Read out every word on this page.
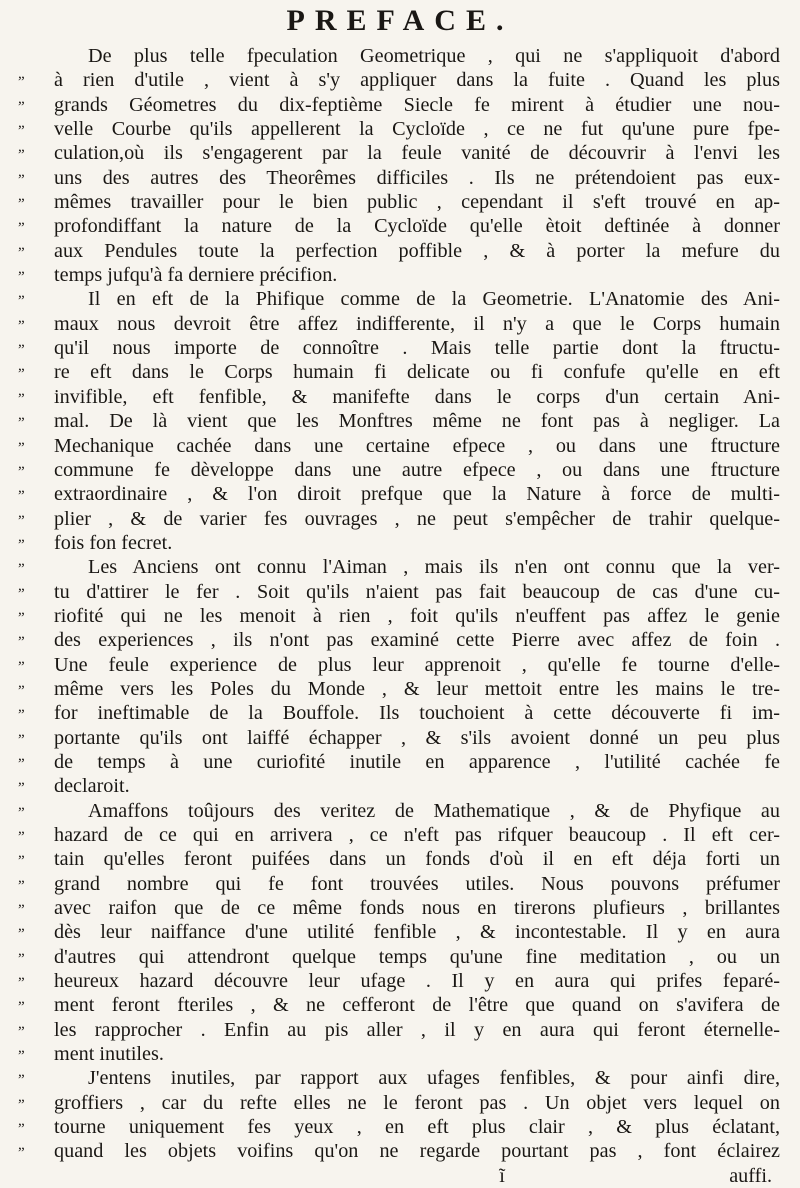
PREFACE.
De plus telle fpeculation Geometrique , qui ne s'appliquoit d'abord
”	à rien d'utile , vient à s'y appliquer dans la fuite . Quand les plus
”	grands Géometres du dix-feptième Siecle fe mirent à étudier une nou-
”	velle Courbe qu'ils appellerent la Cycloïde , ce ne fut qu'une pure fpe-
”	culation,où ils s'engagerent par la feule vanité de découvrir à l'envi les
”	uns des autres des Theorêmes difficiles . Ils ne prétendoient pas eux-
”	mêmes travailler pour le bien public , cependant il s'eft trouvé en ap-
”	profondiffant la nature de la Cycloïde qu'elle ètoit deftinée à donner
”	aux Pendules toute la perfection poffible , & à porter la mefure du
”	temps jufqu'à fa derniere précifion.
”	Il en eft de la Phifique comme de la Geometrie. L'Anatomie des Ani-
”	maux nous devroit être affez indifferente, il n'y a que le Corps humain
”	qu'il nous importe de connoître . Mais telle partie dont la ftructu-
”	re eft dans le Corps humain fi delicate ou fi confufe qu'elle en eft
”	invifible, eft fenfible, & manifefte dans le corps d'un certain Ani-
”	mal. De là vient que les Monftres même ne font pas à negliger. La
”	Mechanique cachée dans une certaine efpece , ou dans une ftructure
”	commune fe dèveloppe dans une autre efpece , ou dans une ftructure
”	extraordinaire , & l'on diroit prefque que la Nature à force de multi-
”	plier , & de varier fes ouvrages , ne peut s'empêcher de trahir quelque-
”	fois fon fecret.
”	Les Anciens ont connu l'Aiman , mais ils n'en ont connu que la ver-
”	tu d'attirer le fer . Soit qu'ils n'aient pas fait beaucoup de cas d'une cu-
”	riofité qui ne les menoit à rien , foit qu'ils n'euffent pas affez le genie
”	des experiences , ils n'ont pas examiné cette Pierre avec affez de foin .
”	Une feule experience de plus leur apprenoit , qu'elle fe tourne d'elle-
”	même vers les Poles du Monde , & leur mettoit entre les mains le tre-
”	for ineftimable de la Bouffole. Ils touchoient à cette découverte fi im-
”	portante qu'ils ont laiffé échapper , & s'ils avoient donné un peu plus
”	de temps à une curiofité inutile en apparence , l'utilité cachée fe
”	declaroit.
”	Amaffons toûjours des veritez de Mathematique , & de Phyfique au
”	hazard de ce qui en arrivera , ce n'eft pas rifquer beaucoup . Il eft cer-
”	tain qu'elles feront puifées dans un fonds d'où il en eft déja forti un
”	grand nombre qui fe font trouvées utiles. Nous pouvons préfumer
”	avec raifon que de ce même fonds nous en tirerons plufieurs , brillantes
”	dès leur naiffance d'une utilité fenfible , & incontestable. Il y en aura
”	d'autres qui attendront quelque temps qu'une fine meditation , ou un
”	heureux hazard découvre leur ufage . Il y en aura qui prifes feparé-
”	ment feront fteriles , & ne cefferont de l'être que quand on s'avifera de
”	les rapprocher . Enfin au pis aller , il y en aura qui feront éternelle-
”	ment inutiles.
”	J'entens inutiles, par rapport aux ufages fenfibles, & pour ainfi dire,
”	groffiers , car du refte elles ne le feront pas . Un objet vers lequel on
”	tourne uniquement fes yeux , en eft plus clair , & plus éclatant,
”	quand les objets voifins qu'on ne regarde pourtant pas , font éclairez
ĩ	auffi.
